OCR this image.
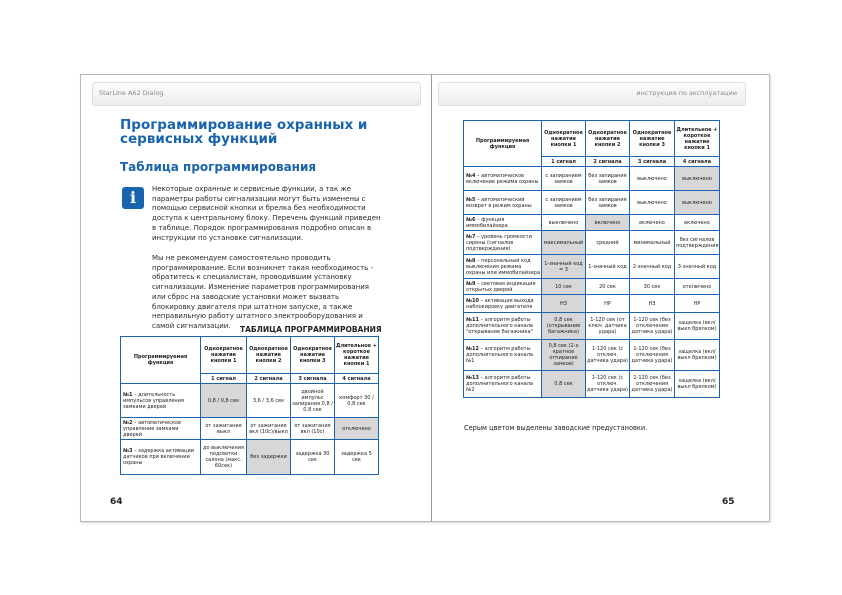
StarLine A62 Dialog	инструкция по эксплуатации
Программирование охранных и сервисных функций
Таблица программирования
i	Некоторые охранные и сервисные функции, а так же параметры работы сигнализации могут быть изменены с помощью сервисной кнопки и брелка без необходимости доступа к центральному блоку. Перечень функций приведен в таблице. Порядок программирования подробно описан в инструкции по установке сигнализации.
Мы не рекомендуем самостоятельно проводить программирование. Если возникнет такая необходимость - обратитесь к специалистам, проводившим установку сигнализации. Изменение параметров программирования или сброс на заводские установки может вызвать блокировку двигателя при штатном запуске, а также неправильную работу штатного электрооборудования и самой сигнализации.	ТАБЛИЦА ПРОГРАММИРОВАНИЯ
Программируемая функция	Однократное нажатие кнопки 1	Однократное нажатие кнопки 2	Однократное нажатие кнопки 3	Длительное + короткое нажатие кнопки 1
	1 сигнал	2 сигнала	3 сигнала	4 сигнала
№1 – длительность импульсов управления замками дверей	0,8 / 0,8 сек	3,6 / 3,6 сек	двойной импульс запирания 0,8 / 0,8 сек	комфорт 30 / 0,8 сек
№2 – автоматическое управление замками дверей	от зажигания выкл	от зажигания вкл (10с)/выкл	от зажигания вкл (10с)	отключено
№3 – задержка активации датчиков при включении охраны	до выключения подсветки салона (макс. 60сек)	без задержки	задержка 30 сек	задержка 5 сек
Программируемая функция	Однократное нажатие кнопки 1	Однократное нажатие кнопки 2	Однократное нажатие кнопки 3	Длительное + короткое нажатие кнопки 1
	1 сигнал	2 сигнала	3 сигнала	4 сигнала
№4 – автоматическое включение режима охраны	с запиранием замков	без запирания замков	выключено	выключено
№5 – автоматический возврат в режим охраны	с запиранием замков	без запирания замков	выключено	выключено
№6 – функция иммобилайзера	выключено	включено	включено	включено
№7 – уровень громкости сирены (сигналов подтверждения)	максимальный	средний	минимальный	без сигналов подтверждения
№8 – персональный код выключения режима охраны или иммобилайзера	1-значный код = 3	1-значный код	2-значный код	3-значный код
№9 – световая индикация открытых дверей	10 сек	20 сек	30 сек	отключено
№10 – активация выхода наблокировку двигателя	НЗ	НР	НЗ	НР
№11 – алгоритм работы дополнительного канала "открывание багажника"	0,8 сек (открывание багажника)	1-120 сек (от ключ. датчика удара)	1-120 сек (без отключения датчика удара)	защелка (вкл/выкл брелком)
№12 – алгоритм работы дополнительного канала №1	0,8 сек (2-х кратное отпирание замков)	1-120 сек (с отключ. датчика удара)	1-120 сек (без отключения датчика удара)	защелка (вкл/выкл брелком)
№13 – алгоритм работы дополнительного канала №2	0,8 сек	1-120 сек (с отключ. датчика удара)	1-120 сек (без отключения датчика удара)	защелка (вкл/выкл брелком)
Серым цветом выделены заводские предустановки.
64	65
